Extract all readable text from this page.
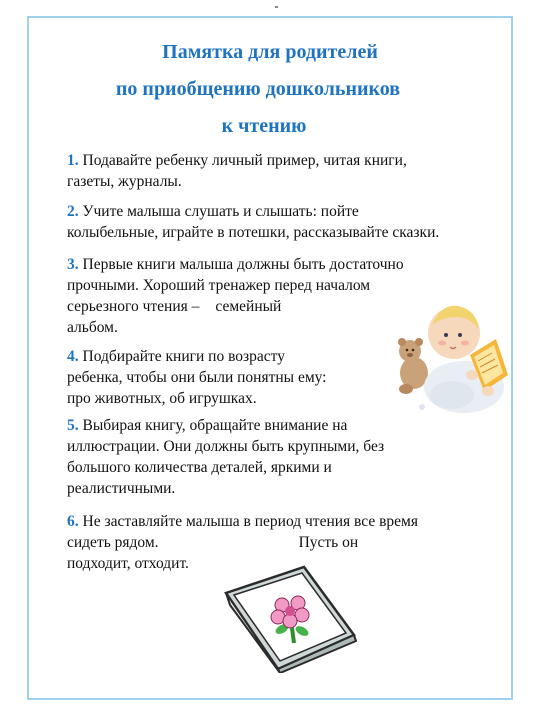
Памятка для родителей
по приобщению дошкольников
к чтению

1. Подавайте ребенку личный пример, читая книги,
газеты, журналы.

2. Учите малыша слушать и слышать: пойте
колыбельные, играйте в потешки, рассказывайте сказки.

3. Первые книги малыша должны быть достаточно
прочными. Хороший тренажер перед началом
серьезного чтения – семейный
альбом.

4. Подбирайте книги по возрасту
ребенка, чтобы они были понятны ему:
про животных, об игрушках.

5. Выбирая книгу, обращайте внимание на
иллюстрации. Они должны быть крупными, без
большого количества деталей, яркими и
реалистичными.

6. Не заставляйте малыша в период чтения все время
сидеть рядом.	Пусть он
подходит, отходит.
